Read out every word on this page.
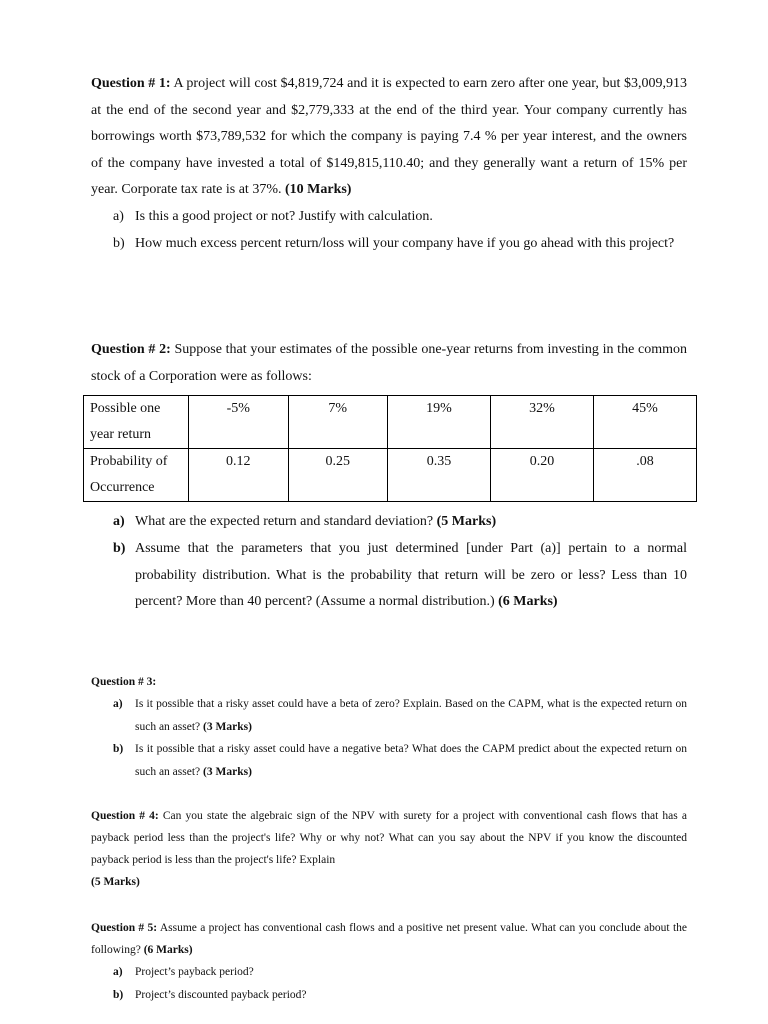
Question # 1: A project will cost $4,819,724 and it is expected to earn zero after one year, but $3,009,913 at the end of the second year and $2,779,333 at the end of the third year. Your company currently has borrowings worth $73,789,532 for which the company is paying 7.4 % per year interest, and the owners of the company have invested a total of $149,815,110.40; and they generally want a return of 15% per year. Corporate tax rate is at 37%. (10 Marks)
a) Is this a good project or not? Justify with calculation.
b) How much excess percent return/loss will your company have if you go ahead with this project?
Question # 2: Suppose that your estimates of the possible one-year returns from investing in the common stock of a Corporation were as follows:
Possible one year return	-5%	7%	19%	32%	45%
Probability of Occurrence	0.12	0.25	0.35	0.20	.08
a) What are the expected return and standard deviation? (5 Marks)
b) Assume that the parameters that you just determined [under Part (a)] pertain to a normal probability distribution. What is the probability that return will be zero or less? Less than 10 percent? More than 40 percent? (Assume a normal distribution.) (6 Marks)
Question # 3:
a) Is it possible that a risky asset could have a beta of zero? Explain. Based on the CAPM, what is the expected return on such an asset? (3 Marks)
b) Is it possible that a risky asset could have a negative beta? What does the CAPM predict about the expected return on such an asset? (3 Marks)
Question # 4: Can you state the algebraic sign of the NPV with surety for a project with conventional cash flows that has a payback period less than the project's life? Why or why not? What can you say about the NPV if you know the discounted payback period is less than the project's life? Explain
(5 Marks)
Question # 5: Assume a project has conventional cash flows and a positive net present value. What can you conclude about the following? (6 Marks)
a) Project’s payback period?
b) Project’s discounted payback period?
